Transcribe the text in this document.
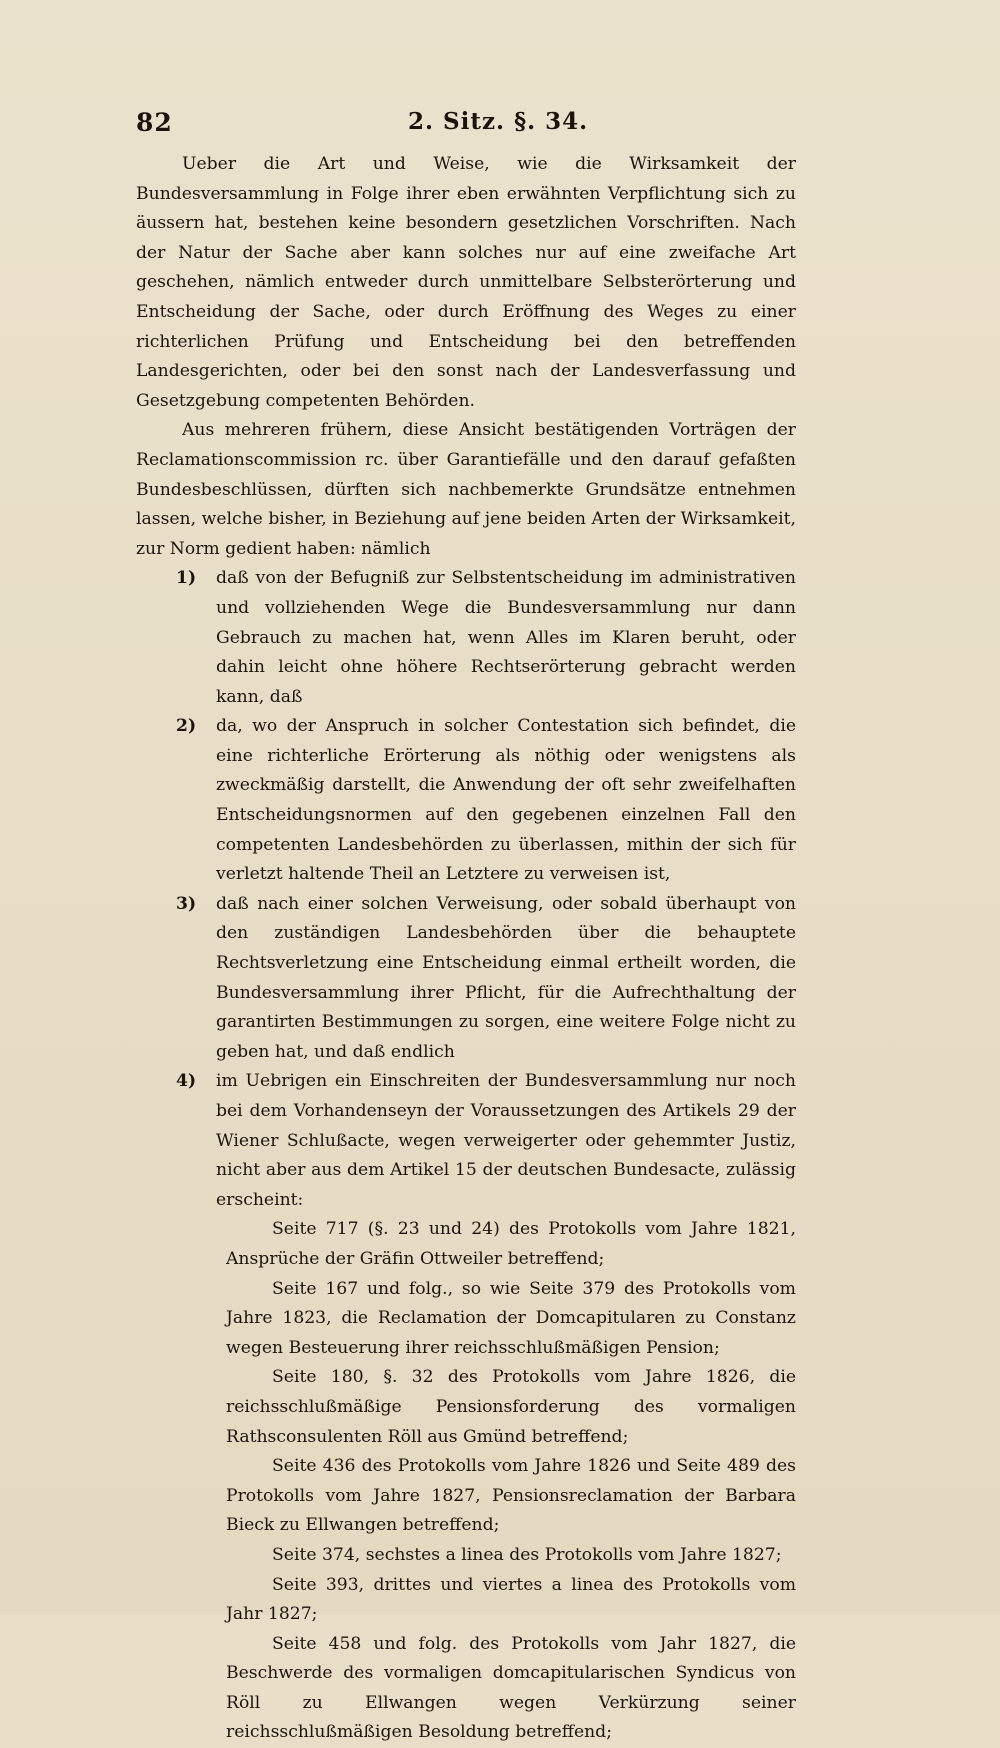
82	2. Sitz. §. 34.

Ueber die Art und Weise, wie die Wirksamkeit der Bundesversammlung in Folge ihrer eben erwähnten Verpflichtung sich zu äussern hat, bestehen keine besondern gesetzlichen Vorschriften. Nach der Natur der Sache aber kann solches nur auf eine zweifache Art geschehen, nämlich entweder durch unmittelbare Selbsterörterung und Entscheidung der Sache, oder durch Eröffnung des Weges zu einer richterlichen Prüfung und Entscheidung bei den betreffenden Landesgerichten, oder bei den sonst nach der Landesverfassung und Gesetzgebung competenten Behörden.

Aus mehreren frühern, diese Ansicht bestätigenden Vorträgen der Reclamationscommission rc. über Garantiefälle und den darauf gefaßten Bundesbeschlüssen, dürften sich nachbemerkte Grundsätze entnehmen lassen, welche bisher, in Beziehung auf jene beiden Arten der Wirksamkeit, zur Norm gedient haben: nämlich

1)	daß von der Befugniß zur Selbstentscheidung im administrativen und vollziehenden Wege die Bundesversammlung nur dann Gebrauch zu machen hat, wenn Alles im Klaren beruht, oder dahin leicht ohne höhere Rechtserörterung gebracht werden kann, daß
2)	da, wo der Anspruch in solcher Contestation sich befindet, die eine richterliche Erörterung als nöthig oder wenigstens als zweckmäßig darstellt, die Anwendung der oft sehr zweifelhaften Entscheidungsnormen auf den gegebenen einzelnen Fall den competenten Landesbehörden zu überlassen, mithin der sich für verletzt haltende Theil an Letztere zu verweisen ist,
3)	daß nach einer solchen Verweisung, oder sobald überhaupt von den zuständigen Landesbehörden über die behauptete Rechtsverletzung eine Entscheidung einmal ertheilt worden, die Bundesversammlung ihrer Pflicht, für die Aufrechthaltung der garantirten Bestimmungen zu sorgen, eine weitere Folge nicht zu geben hat, und daß endlich
4)	im Uebrigen ein Einschreiten der Bundesversammlung nur noch bei dem Vorhandenseyn der Voraussetzungen des Artikels 29 der Wiener Schlußacte, wegen verweigerter oder gehemmter Justiz, nicht aber aus dem Artikel 15 der deutschen Bundesacte, zulässig erscheint:
Seite 717 (§. 23 und 24) des Protokolls vom Jahre 1821, Ansprüche der Gräfin Ottweiler betreffend;
Seite 167 und folg., so wie Seite 379 des Protokolls vom Jahre 1823, die Reclamation der Domcapitularen zu Constanz wegen Besteuerung ihrer reichsschlußmäßigen Pension;
Seite 180, §. 32 des Protokolls vom Jahre 1826, die reichsschlußmäßige Pensionsforderung des vormaligen Rathsconsulenten Röll aus Gmünd betreffend;
Seite 436 des Protokolls vom Jahre 1826 und Seite 489 des Protokolls vom Jahre 1827, Pensionsreclamation der Barbara Bieck zu Ellwangen betreffend;
Seite 374, sechstes a linea des Protokolls vom Jahre 1827;
Seite 393, drittes und viertes a linea des Protokolls vom Jahr 1827;
Seite 458 und folg. des Protokolls vom Jahr 1827, die Beschwerde des vormaligen domcapitularischen Syndicus von Röll zu Ellwangen wegen Verkürzung seiner reichsschlußmäßigen Besoldung betreffend;
